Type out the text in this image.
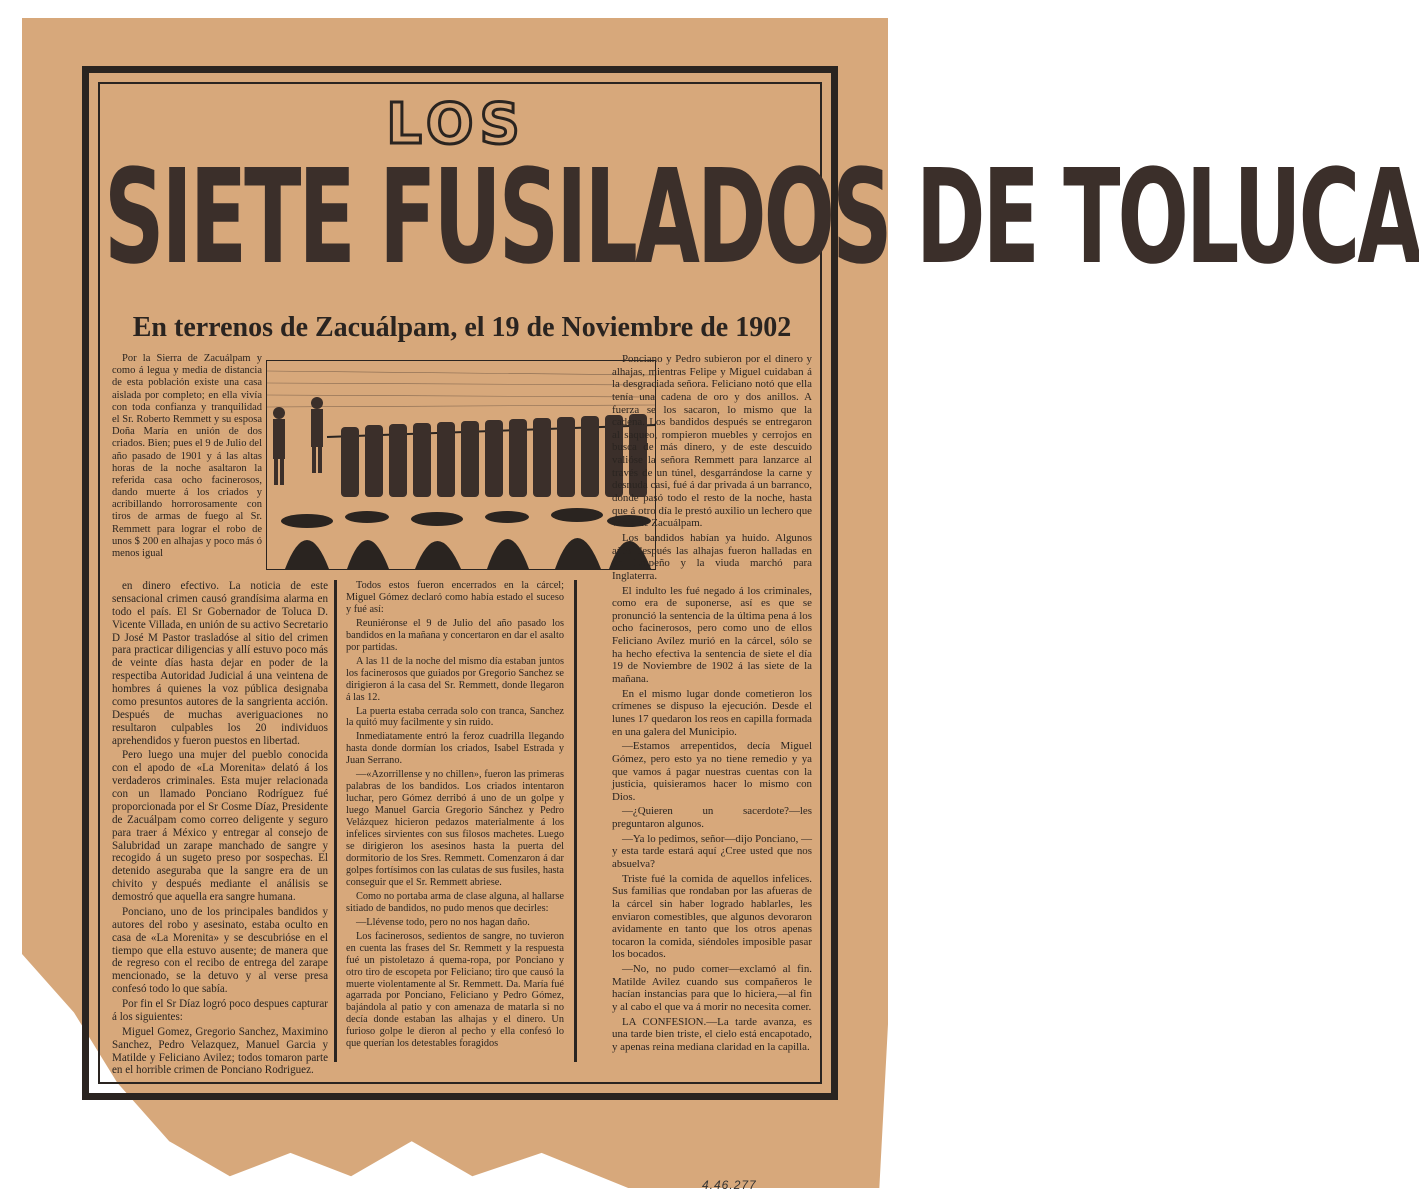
LOS
SIETE FUSILADOS DE TOLUCA
En terrenos de Zacuálpam, el 19 de Noviembre de 1902

Por la Sierra de Zacuálpam y como á legua y media de distancia de esta población existe una casa aislada por completo; en ella vivía con toda confianza y tranquilidad el Sr. Roberto Remmett y su esposa Doña María en unión de dos criados. Bien; pues el 9 de Julio del año pasado de 1901 y á las altas horas de la noche asaltaron la referida casa ocho facinerosos, dando muerte á los criados y acribillando horrorosamente con tiros de armas de fuego al Sr. Remmett para lograr el robo de unos $ 200 en alhajas y poco más ó menos igual

en dinero efectivo. La noticia de este sensacional crimen causó grandísima alarma en todo el país. El Sr Gobernador de Toluca D. Vicente Villada, en unión de su activo Secretario D José M Pastor trasladóse al sitio del crimen para practicar diligencias y allí estuvo poco más de veinte días hasta dejar en poder de la respectiba Autoridad Judicial á una veintena de hombres á quienes la voz pública designaba como presuntos autores de la sangrienta acción. Después de muchas averiguaciones no resultaron culpables los 20 individuos aprehendidos y fueron puestos en libertad.

Pero luego una mujer del pueblo conocida con el apodo de «La Morenita» delató á los verdaderos criminales. Esta mujer relacionada con un llamado Ponciano Rodríguez fué proporcionada por el Sr Cosme Díaz, Presidente de Zacuálpam como correo deligente y seguro para traer á México y entregar al consejo de Salubridad un zarape manchado de sangre y recogido á un sugeto preso por sospechas. El detenido aseguraba que la sangre era de un chivito y después mediante el análisis se demostró que aquella era sangre humana.

Ponciano, uno de los principales bandidos y autores del robo y asesinato, estaba oculto en casa de «La Morenita» y se descubrióse en el tiempo que ella estuvo ausente; de manera que de regreso con el recibo de entrega del zarape mencionado, se la detuvo y al verse presa confesó todo lo que sabía.

Por fin el Sr Díaz logró poco despues capturar á los siguientes:

Miguel Gomez, Gregorio Sanchez, Maximino Sanchez, Pedro Velazquez, Manuel Garcia y Matilde y Feliciano Avilez; todos tomaron parte en el horrible crimen de Ponciano Rodriguez.

Todos estos fueron encerrados en la cárcel; Miguel Gómez declaró como había estado el suceso y fué así:

Reuniéronse el 9 de Julio del año pasado los bandidos en la mañana y concertaron en dar el asalto por partidas.

A las 11 de la noche del mismo día estaban juntos los facinerosos que guiados por Gregorio Sanchez se dirigieron á la casa del Sr. Remmett, donde llegaron á las 12.

La puerta estaba cerrada solo con tranca, Sanchez la quitó muy facilmente y sin ruido.

Inmediatamente entró la feroz cuadrilla llegando hasta donde dormían los criados, Isabel Estrada y Juan Serrano.

—«Azorrillense y no chillen», fueron las primeras palabras de los bandidos. Los criados intentaron luchar, pero Gómez derribó á uno de un golpe y luego Manuel Garcia Gregorio Sánchez y Pedro Velázquez hicieron pedazos materialmente á los infelices sirvientes con sus filosos machetes. Luego se dirigieron los asesinos hasta la puerta del dormitorio de los Sres. Remmett. Comenzaron á dar golpes fortísimos con las culatas de sus fusiles, hasta conseguir que el Sr. Remmett abriese.

Como no portaba arma de clase alguna, al hallarse sitiado de bandidos, no pudo menos que decirles:

—Llévense todo, pero no nos hagan daño.

Los facinerosos, sedientos de sangre, no tuvieron en cuenta las frases del Sr. Remmett y la respuesta fué un pistoletazo á quema-ropa, por Ponciano y otro tiro de escopeta por Feliciano; tiro que causó la muerte violentamente al Sr. Remmett. Da. María fué agarrada por Ponciano, Feliciano y Pedro Gómez, bajándola al patio y con amenaza de matarla si no decía donde estaban las alhajas y el dinero. Un furioso golpe le dieron al pecho y ella confesó lo que querían los detestables foragidos

Ponciano y Pedro subieron por el dinero y alhajas, mientras Felipe y Miguel cuidaban á la desgraciada señora. Feliciano notó que ella tenía una cadena de oro y dos anillos. A fuerza se los sacaron, lo mismo que la cadena. Los bandidos después se entregaron al saqueo, rompieron muebles y cerrojos en busca de más dinero, y de este descuido valióse la señora Remmett para lanzarce al través de un túnel, desgarrándose la carne y desnuda casi, fué á dar privada á un barranco, donde pasó todo el resto de la noche, hasta que á otro día le prestó auxilio un lechero que venía de Zacuálpam.

Los bandidos habían ya huido. Algunos años después las alhajas fueron halladas en un Empeño y la viuda marchó para Inglaterra.

El indulto les fué negado á los criminales, como era de suponerse, así es que se pronunció la sentencia de la última pena á los ocho facinerosos, pero como uno de ellos Feliciano Avílez murió en la cárcel, sólo se ha hecho efectiva la sentencia de siete el día 19 de Noviembre de 1902 á las siete de la mañana.

En el mismo lugar donde cometieron los crímenes se dispuso la ejecución. Desde el lunes 17 quedaron los reos en capilla formada en una galera del Municipio.

—Estamos arrepentidos, decía Miguel Gómez, pero esto ya no tiene remedio y ya que vamos á pagar nuestras cuentas con la justicia, quisieramos hacer lo mismo con Dios.

—¿Quieren un sacerdote?—les preguntaron algunos.

—Ya lo pedimos, señor—dijo Ponciano, —y esta tarde estará aquí ¿Cree usted que nos absuelva?

Triste fué la comida de aquellos infelices. Sus familias que rondaban por las afueras de la cárcel sin haber logrado hablarles, les enviaron comestibles, que algunos devoraron avidamente en tanto que los otros apenas tocaron la comida, siéndoles imposible pasar los bocados.

—No, no pudo comer—exclamó al fin. Matilde Avilez cuando sus compañeros le hacían instancias para que lo hiciera,—al fin y al cabo el que va á morir no necesita comer.

LA CONFESION.—La tarde avanza, es una tarde bien triste, el cielo está encapotado, y apenas reina mediana claridad en la capilla.

4.46.277
